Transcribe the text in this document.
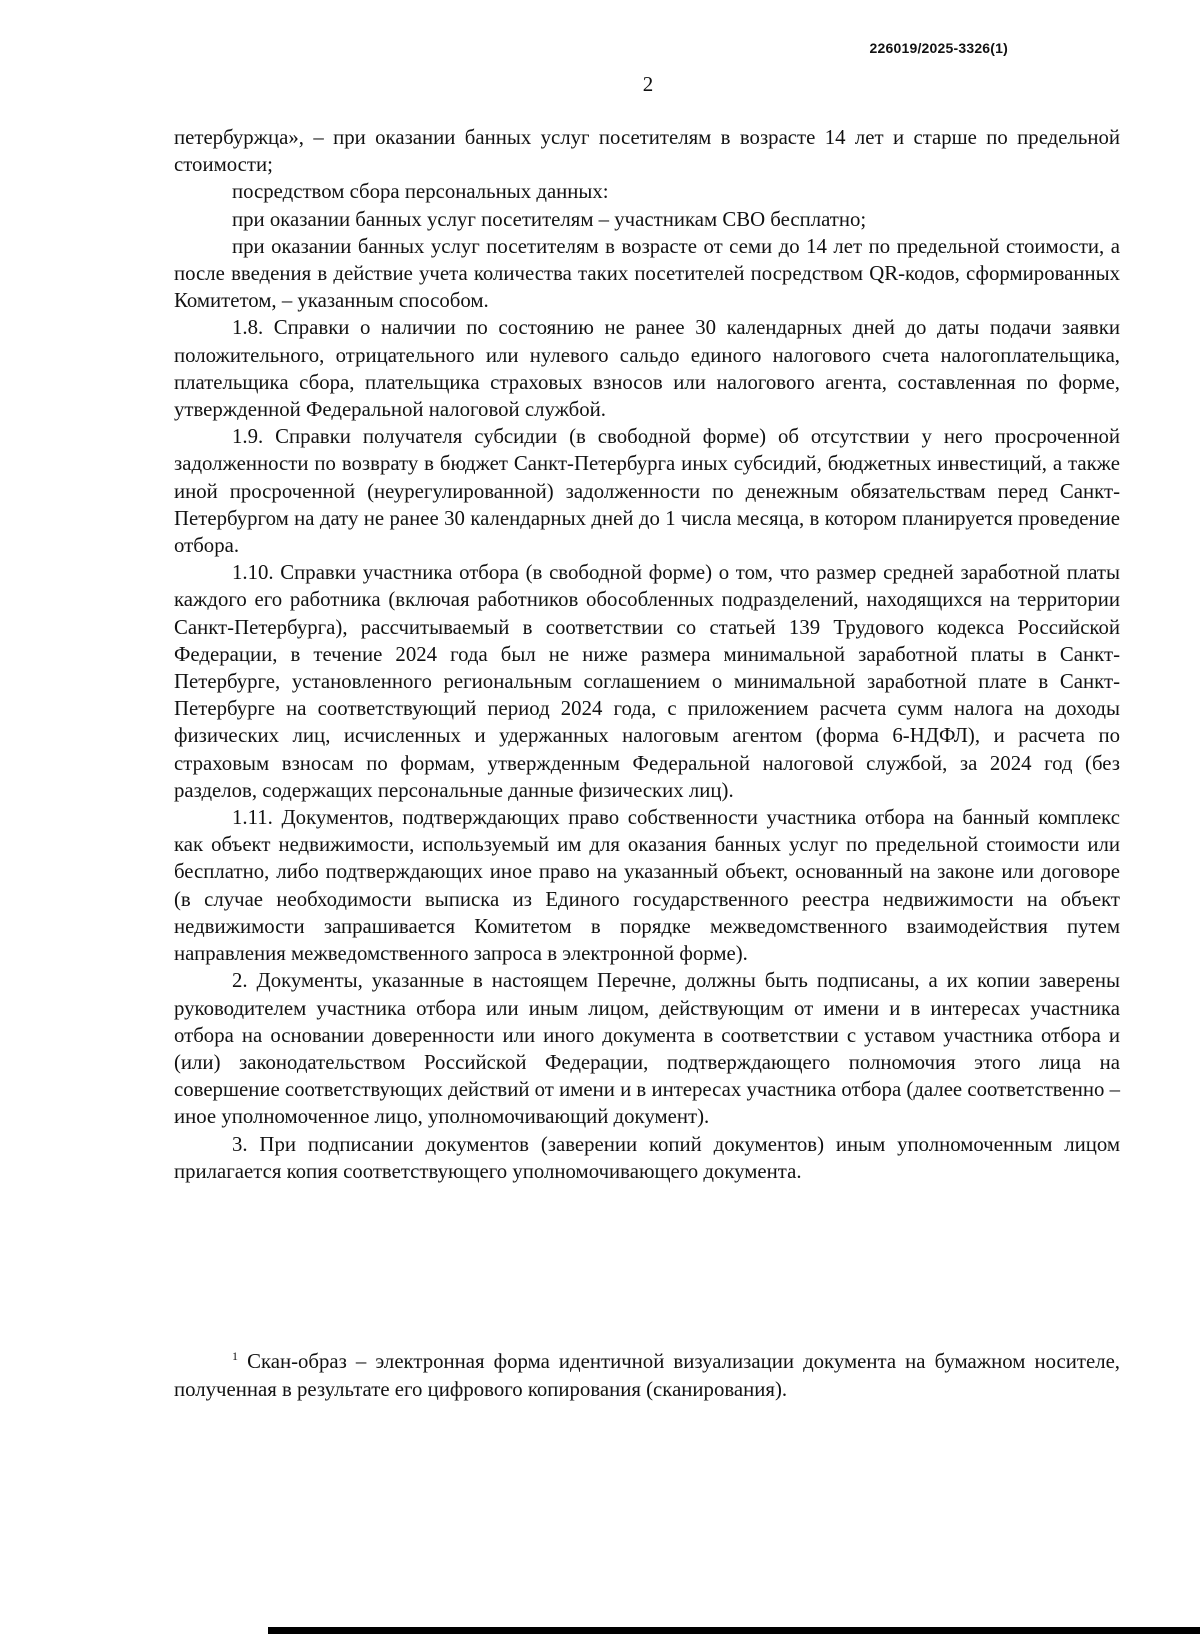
226019/2025-3326(1)
2

петербуржца», – при оказании банных услуг посетителям в возрасте 14 лет и старше по предельной стоимости;

посредством сбора персональных данных:

при оказании банных услуг посетителям – участникам СВО бесплатно;

при оказании банных услуг посетителям в возрасте от семи до 14 лет по предельной стоимости, а после введения в действие учета количества таких посетителей посредством QR-кодов, сформированных Комитетом, – указанным способом.

1.8. Справки о наличии по состоянию не ранее 30 календарных дней до даты подачи заявки положительного, отрицательного или нулевого сальдо единого налогового счета налогоплательщика, плательщика сбора, плательщика страховых взносов или налогового агента, составленная по форме, утвержденной Федеральной налоговой службой.

1.9. Справки получателя субсидии (в свободной форме) об отсутствии у него просроченной задолженности по возврату в бюджет Санкт-Петербурга иных субсидий, бюджетных инвестиций, а также иной просроченной (неурегулированной) задолженности по денежным обязательствам перед Санкт-Петербургом на дату не ранее 30 календарных дней до 1 числа месяца, в котором планируется проведение отбора.

1.10. Справки участника отбора (в свободной форме) о том, что размер средней заработной платы каждого его работника (включая работников обособленных подразделений, находящихся на территории Санкт-Петербурга), рассчитываемый в соответствии со статьей 139 Трудового кодекса Российской Федерации, в течение 2024 года был не ниже размера минимальной заработной платы в Санкт-Петербурге, установленного региональным соглашением о минимальной заработной плате в Санкт-Петербурге на соответствующий период 2024 года, с приложением расчета сумм налога на доходы физических лиц, исчисленных и удержанных налоговым агентом (форма 6-НДФЛ), и расчета по страховым взносам по формам, утвержденным Федеральной налоговой службой, за 2024 год (без разделов, содержащих персональные данные физических лиц).

1.11. Документов, подтверждающих право собственности участника отбора на банный комплекс как объект недвижимости, используемый им для оказания банных услуг по предельной стоимости или бесплатно, либо подтверждающих иное право на указанный объект, основанный на законе или договоре (в случае необходимости выписка из Единого государственного реестра недвижимости на объект недвижимости запрашивается Комитетом в порядке межведомственного взаимодействия путем направления межведомственного запроса в электронной форме).

2. Документы, указанные в настоящем Перечне, должны быть подписаны, а их копии заверены руководителем участника отбора или иным лицом, действующим от имени и в интересах участника отбора на основании доверенности или иного документа в соответствии с уставом участника отбора и (или) законодательством Российской Федерации, подтверждающего полномочия этого лица на совершение соответствующих действий от имени и в интересах участника отбора (далее соответственно – иное уполномоченное лицо, уполномочивающий документ).

3. При подписании документов (заверении копий документов) иным уполномоченным лицом прилагается копия соответствующего уполномочивающего документа.

$^1$ Скан-образ – электронная форма идентичной визуализации документа на бумажном носителе, полученная в результате его цифрового копирования (сканирования).
